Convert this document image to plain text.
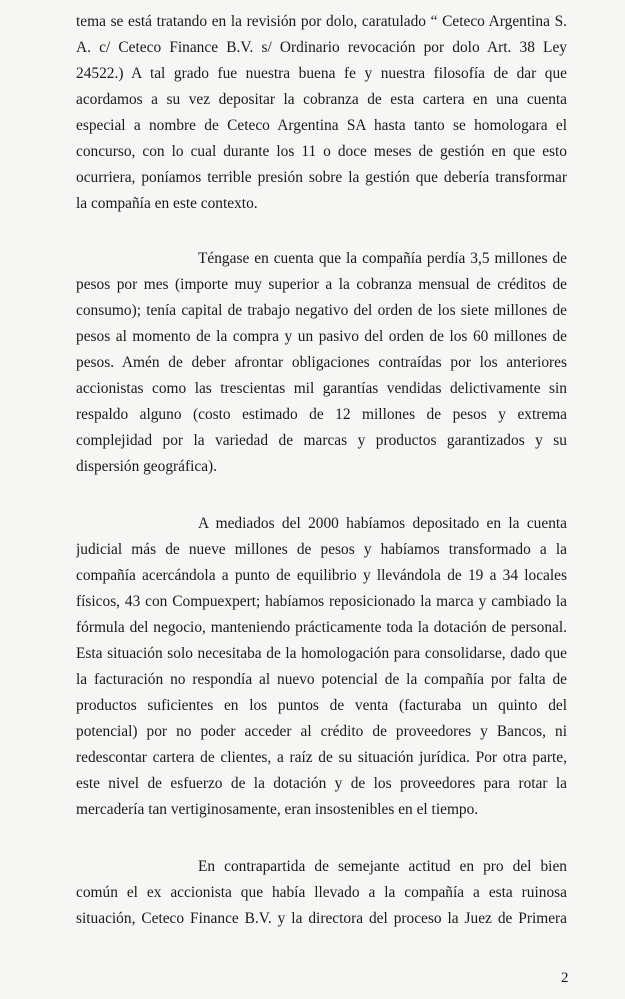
tema se está tratando en la revisión por dolo, caratulado “ Ceteco Argentina S.
A. c/ Ceteco Finance B.V. s/ Ordinario revocación por dolo Art. 38 Ley
24522.) A tal grado fue nuestra buena fe y nuestra filosofía de dar que
acordamos a su vez depositar la cobranza de esta cartera en una cuenta
especial a nombre de Ceteco Argentina SA hasta tanto se homologara el
concurso, con lo cual durante los 11 o doce meses de gestión en que esto
ocurriera, poníamos terrible presión sobre la gestión que debería transformar
la compañía en este contexto.
Téngase en cuenta que la compañía perdía 3,5 millones de
pesos por mes (importe muy superior a la cobranza mensual de créditos de
consumo); tenía capital de trabajo negativo del orden de los siete millones de
pesos al momento de la compra y un pasivo del orden de los 60 millones de
pesos. Amén de deber afrontar obligaciones contraídas por los anteriores
accionistas como las trescientas mil garantías vendidas delictivamente sin
respaldo alguno (costo estimado de 12 millones de pesos y extrema
complejidad por la variedad de marcas y productos garantizados y su
dispersión geográfica).
A mediados del 2000 habíamos depositado en la cuenta
judicial más de nueve millones de pesos y habíamos transformado a la
compañía acercándola a punto de equilibrio y llevándola de 19 a 34 locales
físicos, 43 con Compuexpert; habíamos reposicionado la marca y cambiado la
fórmula del negocio, manteniendo prácticamente toda la dotación de personal.
Esta situación solo necesitaba de la homologación para consolidarse, dado que
la facturación no respondía al nuevo potencial de la compañía por falta de
productos suficientes en los puntos de venta (facturaba un quinto del
potencial) por no poder acceder al crédito de proveedores y Bancos, ni
redescontar cartera de clientes, a raíz de su situación jurídica. Por otra parte,
este nivel de esfuerzo de la dotación y de los proveedores para rotar la
mercadería tan vertiginosamente, eran insostenibles en el tiempo.
En contrapartida de semejante actitud en pro del bien
común el ex accionista que había llevado a la compañía a esta ruinosa
situación, Ceteco Finance B.V. y la directora del proceso la Juez de Primera
2
